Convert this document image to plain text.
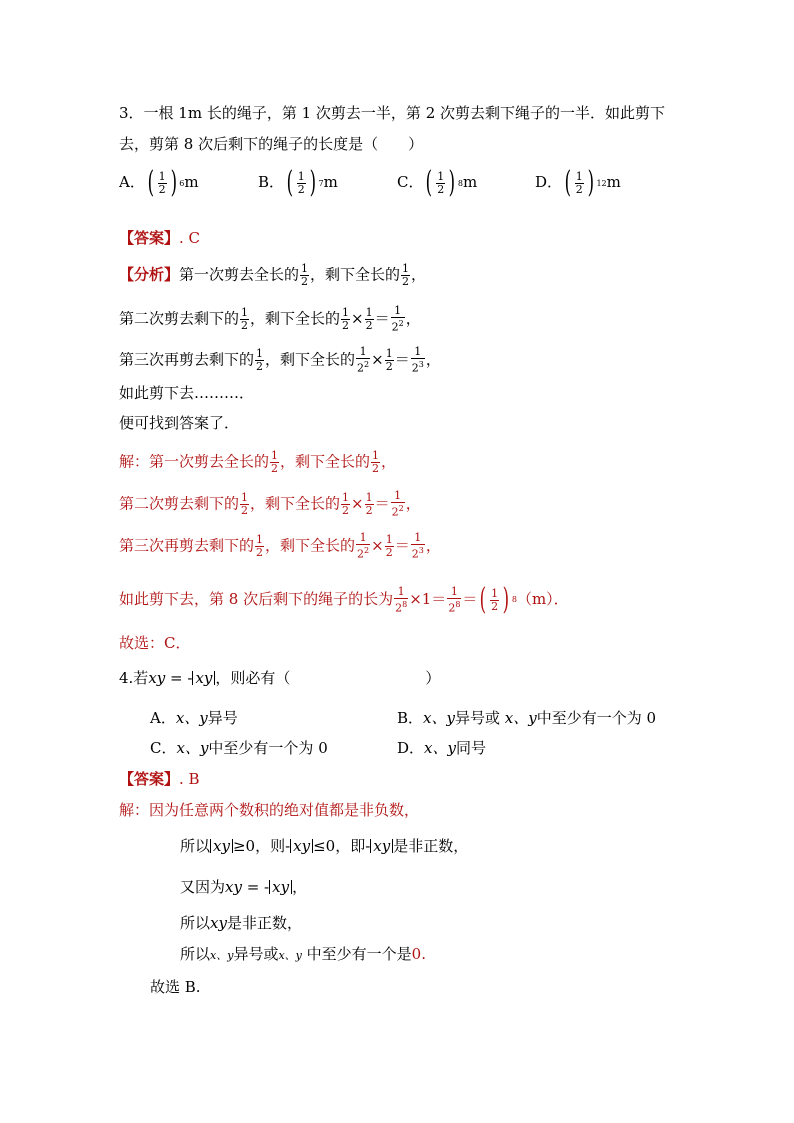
3．一根 1m 长的绳子，第 1 次剪去一半，第 2 次剪去剩下绳子的一半．如此剪下
去，剪第 8 次后剩下的绳子的长度是（　　）
A． ( $\frac{1}{2}$ ) 6 m	B． ( $\frac{1}{2}$ ) 7 m	C． ( $\frac{1}{2}$ ) 8 m	D． ( $\frac{1}{2}$ ) 12 m
【答案】. C
【分析】第一次剪去全长的 $\frac{1}{2}$ ，剩下全长的 $\frac{1}{2}$ ，
第二次剪去剩下的 $\frac{1}{2}$ ，剩下全长的 $\frac{1}{2} \times \frac{1}{2} = \frac{1}{2^2}$ ，
第三次再剪去剩下的 $\frac{1}{2}$ ，剩下全长的 $\frac{1}{2^2} \times \frac{1}{2} = \frac{1}{2^3}$ ，
如此剪下去………．
便可找到答案了．
解：第一次剪去全长的 $\frac{1}{2}$ ，剩下全长的 $\frac{1}{2}$ ，
第二次剪去剩下的 $\frac{1}{2}$ ，剩下全长的 $\frac{1}{2} \times \frac{1}{2} = \frac{1}{2^2}$ ，
第三次再剪去剩下的 $\frac{1}{2}$ ，剩下全长的 $\frac{1}{2^2} \times \frac{1}{2} = \frac{1}{2^3}$ ，
如此剪下去，第 8 次后剩下的绳子的长为 $\frac{1}{2^8} \times 1= \frac{1}{2^8}$ ＝ ( $\frac{1}{2}$ ) 8 （m）．
故选：C．
4.若xy = - xy ，则必有（　　　　　　　　　）
A．x、y异号	B．x、y异号或 x、y中至少有一个为 0
C．x、y中至少有一个为 0	D．x、y同号
【答案】. B
解：因为任意两个数积的绝对值都是非负数，
所以 xy ≥0，则- xy ≤0，即- xy 是非正数，
又因为xy = - xy ，
所以xy是非正数，
所以x、y异号或x、y 中至少有一个是0.
故选 B.
